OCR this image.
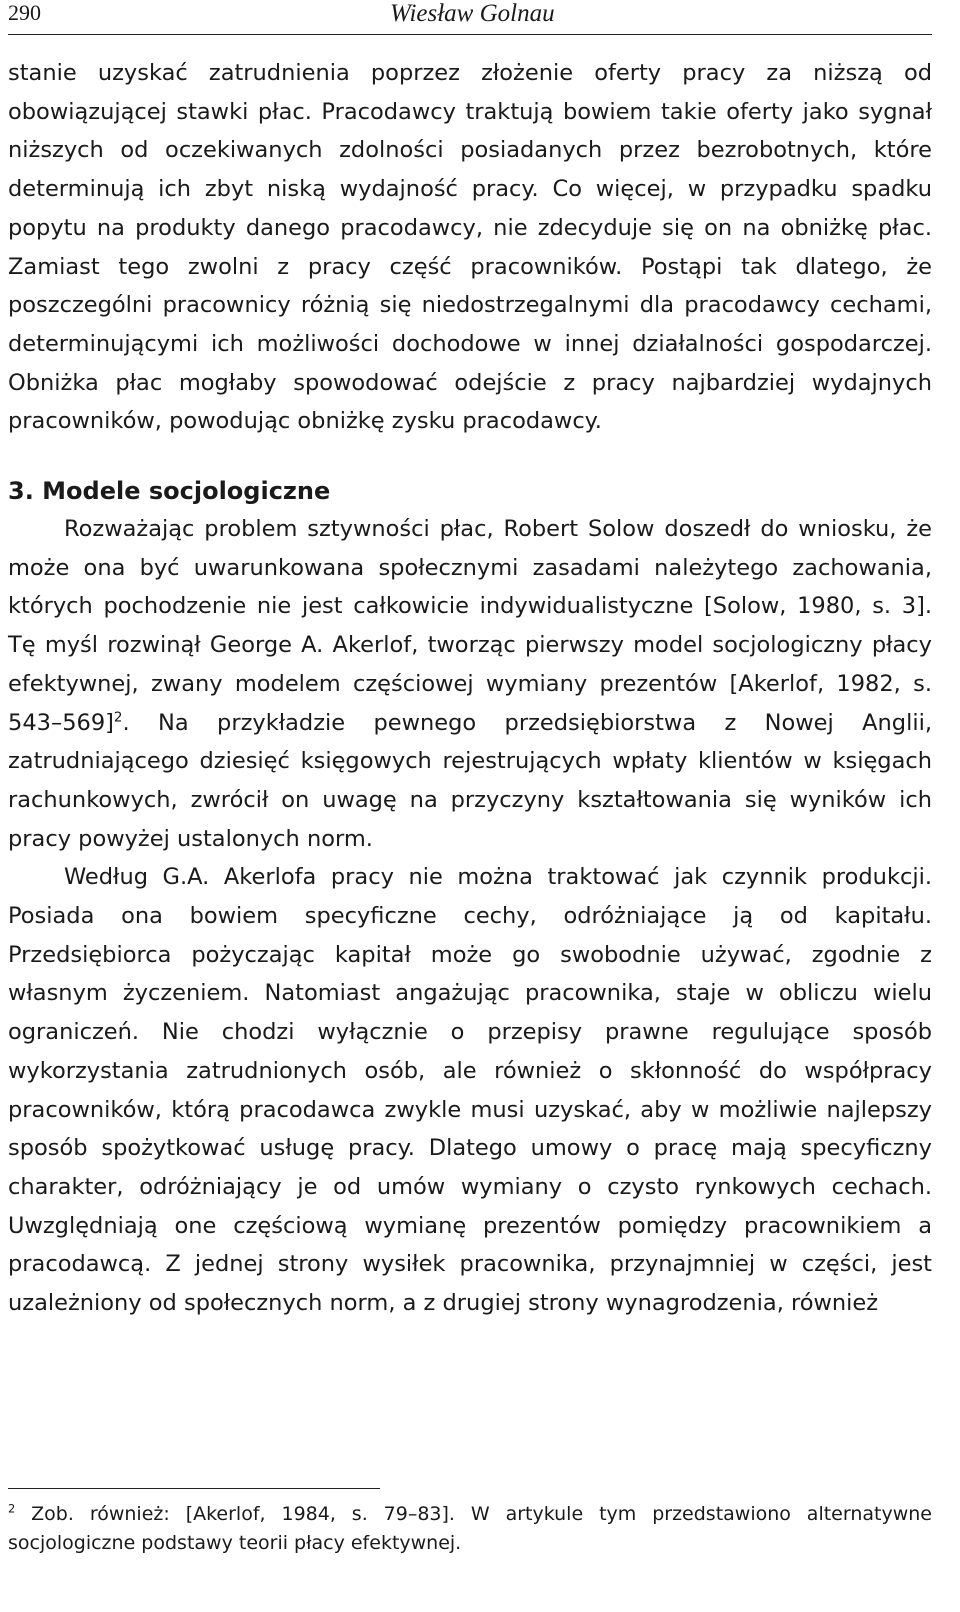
290	Wiesław Golnau

stanie uzyskać zatrudnienia poprzez złożenie oferty pracy za niższą od obowiązującej stawki płac. Pracodawcy traktują bowiem takie oferty jako sygnał niższych od oczekiwanych zdolności posiadanych przez bezrobotnych, które determinują ich zbyt niską wydajność pracy. Co więcej, w przypadku spadku popytu na produkty danego pracodawcy, nie zdecyduje się on na obniżkę płac. Zamiast tego zwolni z pracy część pracowników. Postąpi tak dlatego, że poszczególni pracownicy różnią się niedostrzegalnymi dla pracodawcy cechami, determinującymi ich możliwości dochodowe w innej działalności gospodarczej. Obniżka płac mogłaby spowodować odejście z pracy najbardziej wydajnych pracowników, powodując obniżkę zysku pracodawcy.

3. Modele socjologiczne

Rozważając problem sztywności płac, Robert Solow doszedł do wniosku, że może ona być uwarunkowana społecznymi zasadami należytego zachowania, których pochodzenie nie jest całkowicie indywidualistyczne [Solow, 1980, s. 3]. Tę myśl rozwinął George A. Akerlof, tworząc pierwszy model socjologiczny płacy efektywnej, zwany modelem częściowej wymiany prezentów [Akerlof, 1982, s. 543–569]$^2$. Na przykładzie pewnego przedsiębiorstwa z Nowej Anglii, zatrudniającego dziesięć księgowych rejestrujących wpłaty klientów w księgach rachunkowych, zwrócił on uwagę na przyczyny kształtowania się wyników ich pracy powyżej ustalonych norm.

Według G.A. Akerlofa pracy nie można traktować jak czynnik produkcji. Posiada ona bowiem specyficzne cechy, odróżniające ją od kapitału. Przedsiębiorca pożyczając kapitał może go swobodnie używać, zgodnie z własnym życzeniem. Natomiast angażując pracownika, staje w obliczu wielu ograniczeń. Nie chodzi wyłącznie o przepisy prawne regulujące sposób wykorzystania zatrudnionych osób, ale również o skłonność do współpracy pracowników, którą pracodawca zwykle musi uzyskać, aby w możliwie najlepszy sposób spożytkować usługę pracy. Dlatego umowy o pracę mają specyficzny charakter, odróżniający je od umów wymiany o czysto rynkowych cechach. Uwzględniają one częściową wymianę prezentów pomiędzy pracownikiem a pracodawcą. Z jednej strony wysiłek pracownika, przynajmniej w części, jest uzależniony od społecznych norm, a z drugiej strony wynagrodzenia, również

$^2$ Zob. również: [Akerlof, 1984, s. 79–83]. W artykule tym przedstawiono alternatywne socjologiczne podstawy teorii płacy efektywnej.
